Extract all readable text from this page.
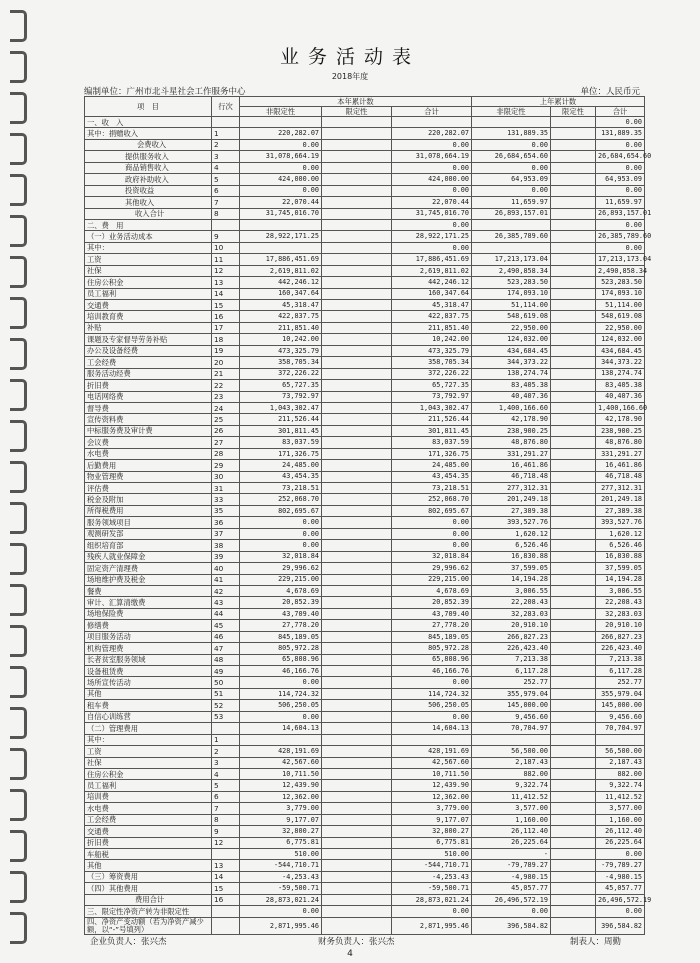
业务活动表
2018年度
编制单位：广州市北斗星社会工作服务中心	单位：人民币元
项　目	行次	本年累计数			上年累计数		
		非限定性	限定性	合计	非限定性	限定性	合计
一、收　入							0.00
其中：捐赠收入	1	220,282.07		220,282.07	131,889.35		131,889.35
会费收入	2	0.00		0.00	0.00		0.00
提供服务收入	3	31,078,664.19		31,078,664.19	26,684,654.60		26,684,654.60
商品销售收入	4	0.00		0.00	0.00		0.00
政府补助收入	5	424,000.00		424,000.00	64,953.09		64,953.09
投资收益	6	0.00		0.00	0.00		0.00
其他收入	7	22,070.44		22,070.44	11,659.97		11,659.97
收入合计	8	31,745,016.70		31,745,016.70	26,893,157.01		26,893,157.01
二、费　用				0.00			0.00
（一）业务活动成本	9	28,922,171.25		28,922,171.25	26,385,789.60		26,385,789.60
其中：	10			0.00			0.00
工资	11	17,886,451.69		17,886,451.69	17,213,173.04		17,213,173.04
社保	12	2,619,811.02		2,619,811.02	2,490,858.34		2,490,858.34
住房公积金	13	442,246.12		442,246.12	523,283.50		523,283.50
员工福利	14	160,347.64		160,347.64	174,093.10		174,093.10
交通费	15	45,318.47		45,318.47	51,114.00		51,114.00
培训教育费	16	422,837.75		422,837.75	548,619.08		548,619.08
补贴	17	211,851.40		211,851.40	22,950.00		22,950.00
课题及专家督导劳务补贴	18	10,242.00		10,242.00	124,032.00		124,032.00
办公及设备经费	19	473,325.79		473,325.79	434,684.45		434,684.45
工会经费	20	358,705.34		358,705.34	344,373.22		344,373.22
服务活动经费	21	372,226.22		372,226.22	138,274.74		138,274.74
折旧费	22	65,727.35		65,727.35	83,405.38		83,405.38
电话网络费	23	73,792.97		73,792.97	40,407.36		40,407.36
督导费	24	1,043,302.47		1,043,302.47	1,400,166.60		1,400,166.60
宣传资料费	25	211,526.44		211,526.44	42,178.90		42,178.90
中标服务费及审计费	26	301,811.45		301,811.45	238,900.25		238,900.25
会议费	27	83,037.59		83,037.59	48,876.80		48,876.80
水电费	28	171,326.75		171,326.75	331,291.27		331,291.27
后勤费用	29	24,485.00		24,485.00	16,461.86		16,461.86
物业管理费	30	43,454.35		43,454.35	46,718.48		46,718.48
评估费	31	73,218.51		73,218.51	277,312.31		277,312.31
税金及附加	33	252,068.70		252,068.70	201,249.18		201,249.18
所得税费用	35	802,695.67		802,695.67	27,389.38		27,389.38
服务领域项目	36	0.00		0.00	393,527.76		393,527.76
观测研发部	37	0.00		0.00	1,620.12		1,620.12
组织培育部	38	0.00		0.00	6,526.46		6,526.46
残疾人就业保障金	39	32,018.84		32,018.84	16,830.88		16,830.88
固定资产清理费	40	29,996.62		29,996.62	37,599.05		37,599.05
场地维护费及税金	41	229,215.00		229,215.00	14,194.28		14,194.28
餐费	42	4,678.69		4,678.69	3,006.55		3,006.55
审计、汇算清缴费	43	20,852.39		20,852.39	22,208.43		22,208.43
场地保险费	44	43,709.40		43,709.40	32,283.03		32,283.03
修缮费	45	27,778.20		27,778.20	20,910.10		20,910.10
项目服务活动	46	845,189.05		845,189.05	266,827.23		266,827.23
机构管理费	47	805,972.28		805,972.28	226,423.40		226,423.40
长者贫室服务领域	48	65,808.96		65,808.96	7,213.38		7,213.38
设备租赁费	49	46,166.76		46,166.76	6,117.28		6,117.28
场所宣传活动	50	0.00		0.00	252.77		252.77
其他	51	114,724.32		114,724.32	355,979.04		355,979.04
租车费	52	506,250.05		506,250.05	145,000.00		145,000.00
自信心训练营	53	0.00		0.00	9,456.60		9,456.60
（二）管理费用		14,604.13		14,604.13	70,704.97		70,704.97
其中：	1						
工资	2	428,191.69		428,191.69	56,500.00		56,500.00
社保	3	42,567.60		42,567.60	2,187.43		2,187.43
住房公积金	4	10,711.50		10,711.50	882.00		882.00
员工福利	5	12,439.90		12,439.90	9,322.74		9,322.74
培训费	6	12,362.00		12,362.00	11,412.52		11,412.52
水电费	7	3,779.00		3,779.00	3,577.00		3,577.00
工会经费	8	9,177.07		9,177.07	1,160.00		1,160.00
交通费	9	32,800.27		32,800.27	26,112.40		26,112.40
折旧费	12	6,775.81		6,775.81	26,225.64		26,225.64
车船税		510.00		510.00	-		0.00
其他	13	-544,710.71		-544,710.71	-79,789.27		-79,789.27
（三）筹资费用	14	-4,253.43		-4,253.43	-4,980.15		-4,980.15
（四）其他费用	15	-59,500.71		-59,500.71	45,057.77		45,057.77
费用合计	16	28,873,021.24		28,873,021.24	26,496,572.19		26,496,572.19
三、限定性净资产转为非限定性		0.00		0.00	0.00		0.00
四、净资产变动额（若为净资产减少额，以“-”号填列）		2,871,995.46		2,871,995.46	396,584.82		396,584.82
企业负责人：张兴杰	财务负责人：张兴杰	制表人：周勤
4
